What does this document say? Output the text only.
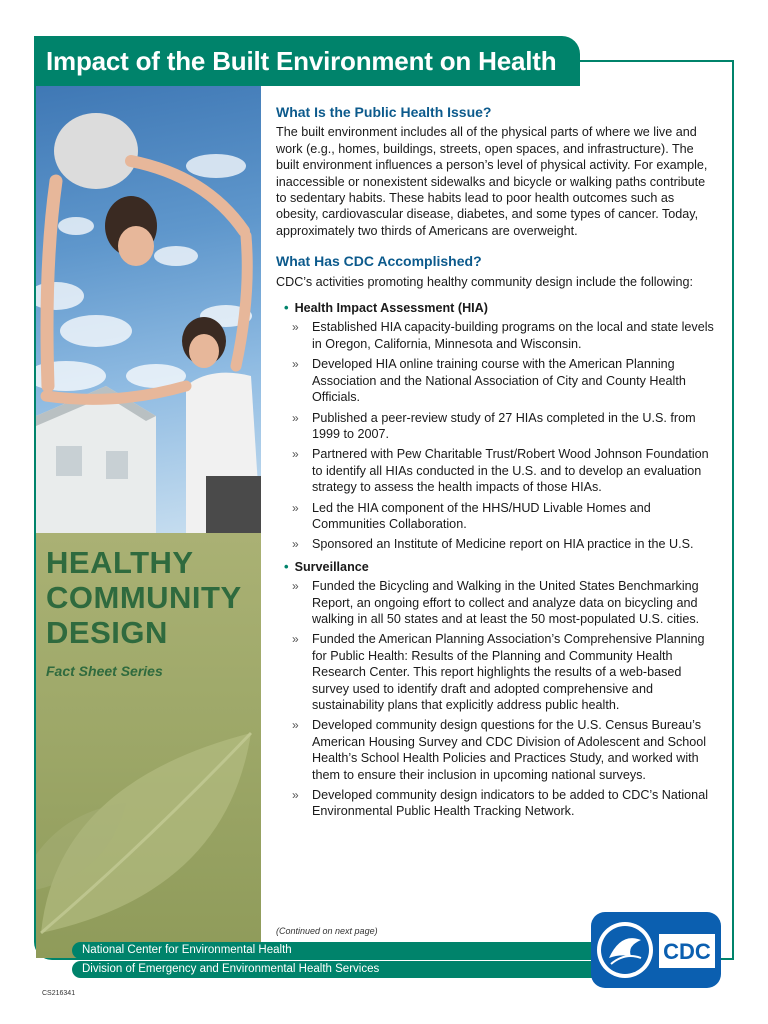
Impact of the Built Environment on Health
HEALTHY
COMMUNITY
DESIGN

Fact Sheet Series

What Is the Public Health Issue?

The built environment includes all of the physical parts of where we live and work (e.g., homes, buildings, streets, open spaces, and infrastructure). The built environment influences a person’s level of physical activity. For example, inaccessible or nonexistent sidewalks and bicycle or walking paths contribute to sedentary habits. These habits lead to poor health outcomes such as obesity, cardiovascular disease, diabetes, and some types of cancer. Today, approximately two thirds of Americans are overweight.

What Has CDC Accomplished?

CDC’s activities promoting healthy community design include the following:

• Health Impact Assessment (HIA)
»	Established HIA capacity-building programs on the local and state levels in Oregon, California, Minnesota and Wisconsin.
»	Developed HIA online training course with the American Planning Association and the National Association of City and County Health Officials.
»	Published a peer-review study of 27 HIAs completed in the U.S. from 1999 to 2007.
»	Partnered with Pew Charitable Trust/Robert Wood Johnson Foundation to identify all HIAs conducted in the U.S. and to develop an evaluation strategy to assess the health impacts of those HIAs.
»	Led the HIA component of the HHS/HUD Livable Homes and Communities Collaboration.
»	Sponsored an Institute of Medicine report on HIA practice in the U.S.
• Surveillance
»	Funded the Bicycling and Walking in the United States Benchmarking Report, an ongoing effort to collect and analyze data on bicycling and walking in all 50 states and at least the 50 most-populated U.S. cities.
»	Funded the American Planning Association’s Comprehensive Planning for Public Health: Results of the Planning and Community Health Research Center. This report highlights the results of a web-based survey used to identify draft and adopted comprehensive and sustainability plans that explicitly address public health.
»	Developed community design questions for the U.S. Census Bureau’s American Housing Survey and CDC Division of Adolescent and School Health’s School Health Policies and Practices Study, and worked with them to ensure their inclusion in upcoming national surveys.
»	Developed community design indicators to be added to CDC’s National Environmental Public Health Tracking Network.
(Continued on next page)
National Center for Environmental Health
Division of Emergency and Environmental Health Services
CDC
CS216341
